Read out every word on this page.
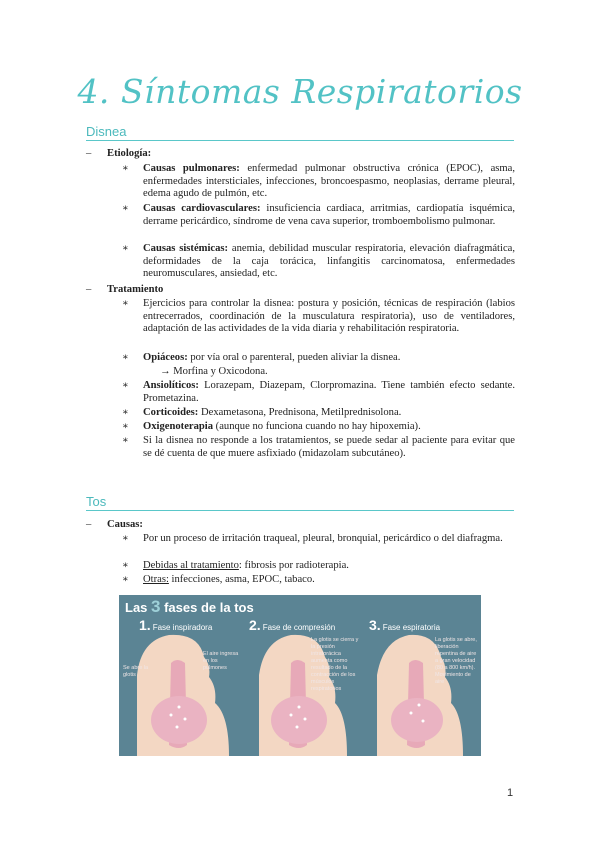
4. Síntomas Respiratorios
Disnea
–	Etiología:
∗ Causas pulmonares: enfermedad pulmonar obstructiva crónica (EPOC), asma, enfermedades intersticiales, infecciones, broncoespasmo, neoplasias, derrame pleural, edema agudo de pulmón, etc.
∗ Causas cardiovasculares: insuficiencia cardiaca, arritmias, cardiopatía isquémica, derrame pericárdico, síndrome de vena cava superior, tromboembolismo pulmonar.
∗ Causas sistémicas: anemia, debilidad muscular respiratoria, elevación diafragmática, deformidades de la caja torácica, linfangitis carcinomatosa, enfermedades neuromusculares, ansiedad, etc.
–	Tratamiento
∗ Ejercicios para controlar la disnea: postura y posición, técnicas de respiración (labios entrecerrados, coordinación de la musculatura respiratoria), uso de ventiladores, adaptación de las actividades de la vida diaria y rehabilitación respiratoria.
∗ Opiáceos: por vía oral o parenteral, pueden aliviar la disnea.
→ Morfina y Oxicodona.
∗ Ansiolíticos: Lorazepam, Diazepam, Clorpromazina. Tiene también efecto sedante. Prometazina.
∗ Corticoides: Dexametasona, Prednisona, Metilprednisolona.
∗ Oxigenoterapia (aunque no funciona cuando no hay hipoxemia).
∗ Si la disnea no responde a los tratamientos, se puede sedar al paciente para evitar que se dé cuenta de que muere asfixiado (midazolam subcutáneo).
Tos
–	Causas:
∗ Por un proceso de irritación traqueal, pleural, bronquial, pericárdico o del diafragma.
∗ Debidas al tratamiento: fibrosis por radioterapia.
∗ Otras: infecciones, asma, EPOC, tabaco.
Las 3 fases de la tos
1. Fase inspiradora	2. Fase de compresión 3. Fase espiratoria
Se abre la glotis
El aire ingresa en los pulmones
La glotis se cierra y la presión intratorácica aumenta como resultado de la contracción de los músculos respiratorios
La glotis se abre, liberación repentina de aire a gran velocidad (80 a 800 km/h). Movimiento de aire
1
